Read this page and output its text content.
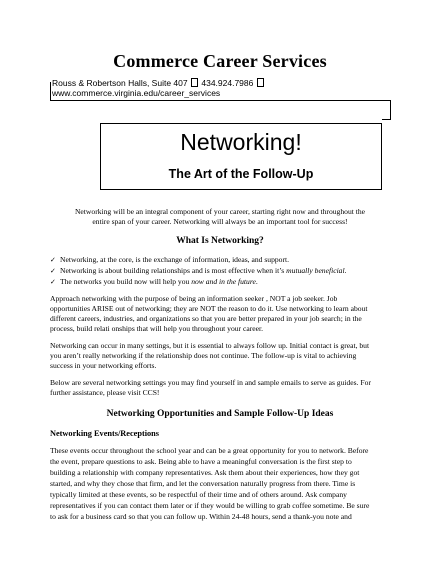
Commerce Career Services
Rouss & Robertson Halls, Suite 407 434.924.7986
www.commerce.virginia.edu/career_services
Networking!
The Art of the Follow-Up
Networking will be an integral component of your career, starting right now and throughout the
entire span of your career. Networking will always be an important tool for success!
What Is Networking?
✓ Networking, at the core, is the exchange of information, ideas, and support.
✓ Networking is about building relationships and is most effective when it’s mutually beneficial.
✓ The networks you build now will help you now and in the future.
Approach networking with the purpose of being an information seeker , NOT a job seeker. Job
opportunities ARISE out of networking; they are NOT the reason to do it. Use networking to learn about
different careers, industries, and organizations so that you are better prepared in your job search; in the
process, build relati onships that will help you throughout your career.
Networking can occur in many settings, but it is essential to always follow up. Initial contact is great, but
you aren’t really networking if the relationship does not continue. The follow-up is vital to achieving
success in your networking efforts.
Below are several networking settings you may find yourself in and sample emails to serve as guides. For
further assistance, please visit CCS!
Networking Opportunities and Sample Follow-Up Ideas
Networking Events/Receptions
These events occur throughout the school year and can be a great opportunity for you to network. Before
the event, prepare questions to ask. Being able to have a meaningful conversation is the first step to
building a relationship with company representatives. Ask them about their experiences, how they got
started, and why they chose that firm, and let the conversation naturally progress from there. Time is
typically limited at these events, so be respectful of their time and of others around. Ask company
representatives if you can contact them later or if they would be willing to grab coffee sometime. Be sure
to ask for a business card so that you can follow up. Within 24-48 hours, send a thank-you note and
